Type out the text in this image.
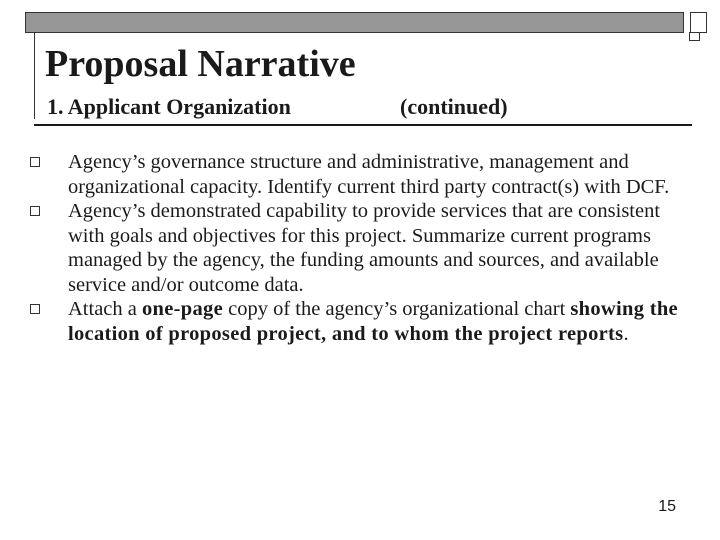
Proposal Narrative
1. Applicant Organization	(continued)
Agency’s governance structure and administrative, management and organizational capacity. Identify current third party contract(s) with DCF.
Agency’s demonstrated capability to provide services that are consistent with goals and objectives for this project. Summarize current programs managed by the agency, the funding amounts and sources, and available service and/or outcome data.
Attach a one-page copy of the agency’s organizational chart showing the location of proposed project, and to whom the project reports.
15
